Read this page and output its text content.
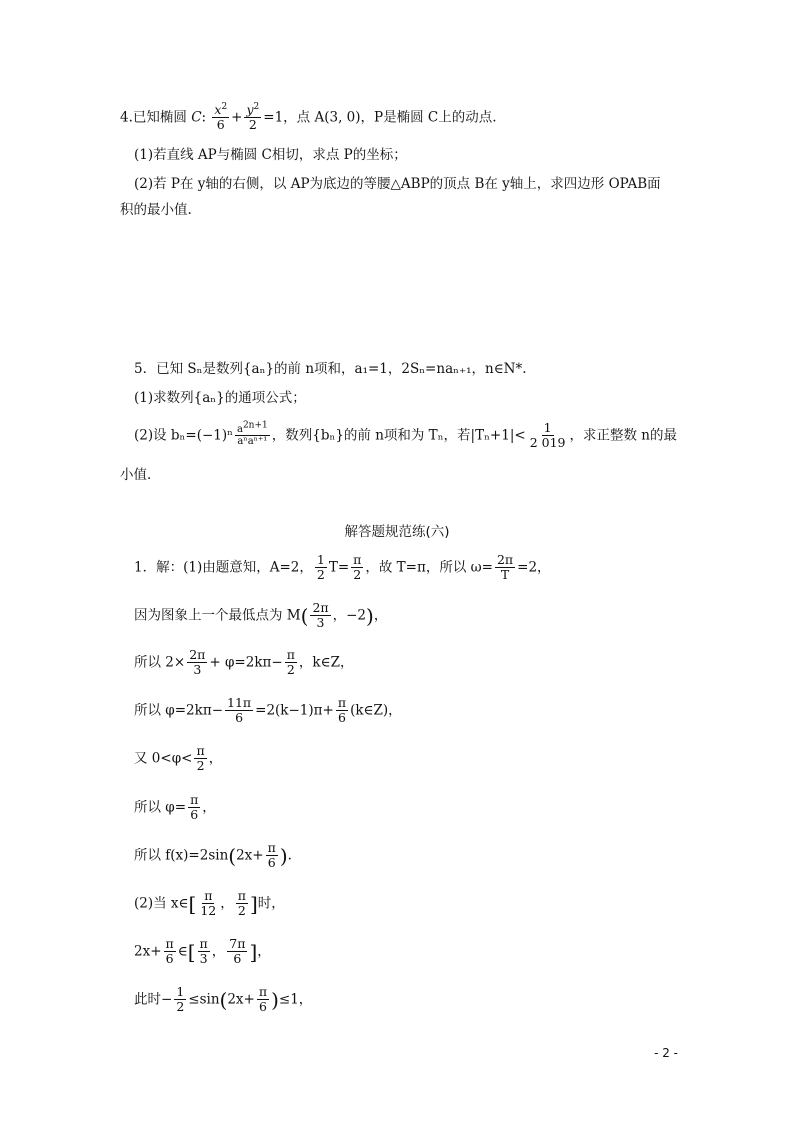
4.已知椭圆 C: $\frac{x^2}{6} + \frac{y^2}{2} =1$，点 A(3, 0)，P是椭圆 C上的动点.
(1)若直线 AP与椭圆 C相切，求点 P的坐标；
(2)若 P在 y轴的右侧，以 AP为底边的等腰△ABP的顶点 B在 y轴上，求四边形 OPAB面
积的最小值.
5．已知 Sₙ是数列{aₙ}的前 n项和，a₁=1，2Sₙ=naₙ₊₁，n∈N*.
(1)求数列{aₙ}的通项公式；
(2)设 $b_n=(-1)^n \frac{a^{2n+1}}{\text{aⁿaⁿ⁺¹}}$ ，数列{bₙ}的前 n项和为 Tₙ，若$|T_n+1|< \frac{1}{2 019}$ ，求正整数 n的最
小值.
解答题规范练(六)
1．解：(1)由题意知，A=2， $\frac{1}{2} T= \frac{\pi}{2}$ ，故 T=π，所以 $\omega= \frac{2\pi}{T} =2$，
因为图象上一个最低点为 $M( \frac{2\pi}{3}$ ，−2)，
所以 $2\times \frac{2\pi}{3} + \varphi=2k\pi- \frac{\pi}{2}$ ，k∈Z，
所以 $\varphi=2k\pi- \frac{11\pi}{6} =2(k-1)\pi+ \frac{\pi}{6}$ (k∈Z)，
又 $0<\varphi< \frac{\pi}{2}$ ，
所以 $\varphi= \frac{\pi}{6}$ ，
所以 $f(x)=2\sin(2x+ \frac{\pi}{6}$ ).
(2)当 x∈[ $\frac{\pi}{12}$ ， $\frac{\pi}{2}$ ]时，
$2x+ \frac{\pi}{6}$ ∈[ $\frac{\pi}{3}$ ， $\frac{7\pi}{6}$ ]，
此时− $\frac{1}{2} \le\sin(2x+ \frac{\pi}{6} )\le 1$，
- 2 -
